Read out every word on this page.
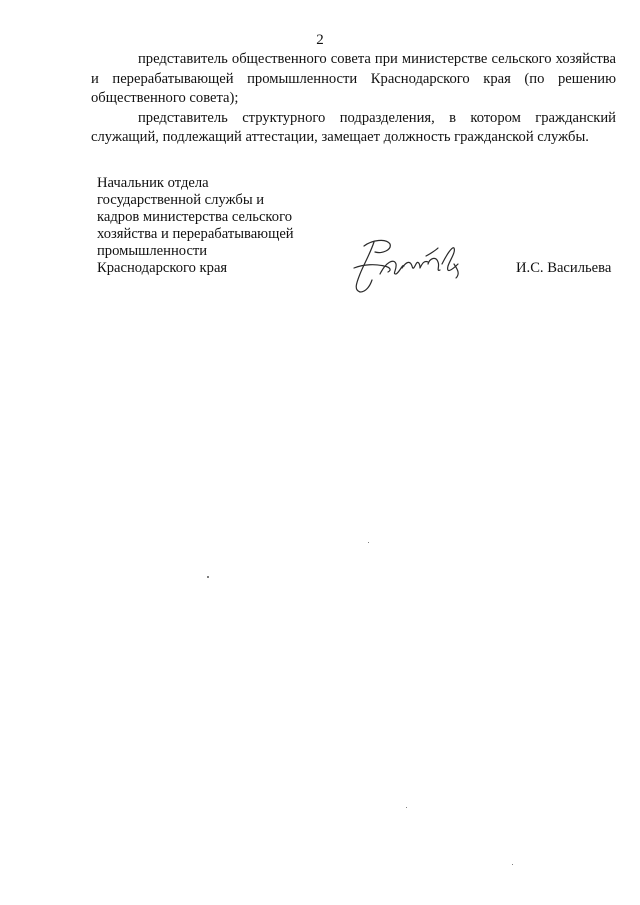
2

представитель общественного совета при министерстве сельского хозяйства и перерабатывающей промышленности Краснодарского края (по решению общественного совета);

представитель структурного подразделения, в котором гражданский служащий, подлежащий аттестации, замещает должность гражданской службы.

Начальник отдела
государственной службы и
кадров министерства сельского
хозяйства и перерабатывающей
промышленности
Краснодарского края	И.С. Васильева
